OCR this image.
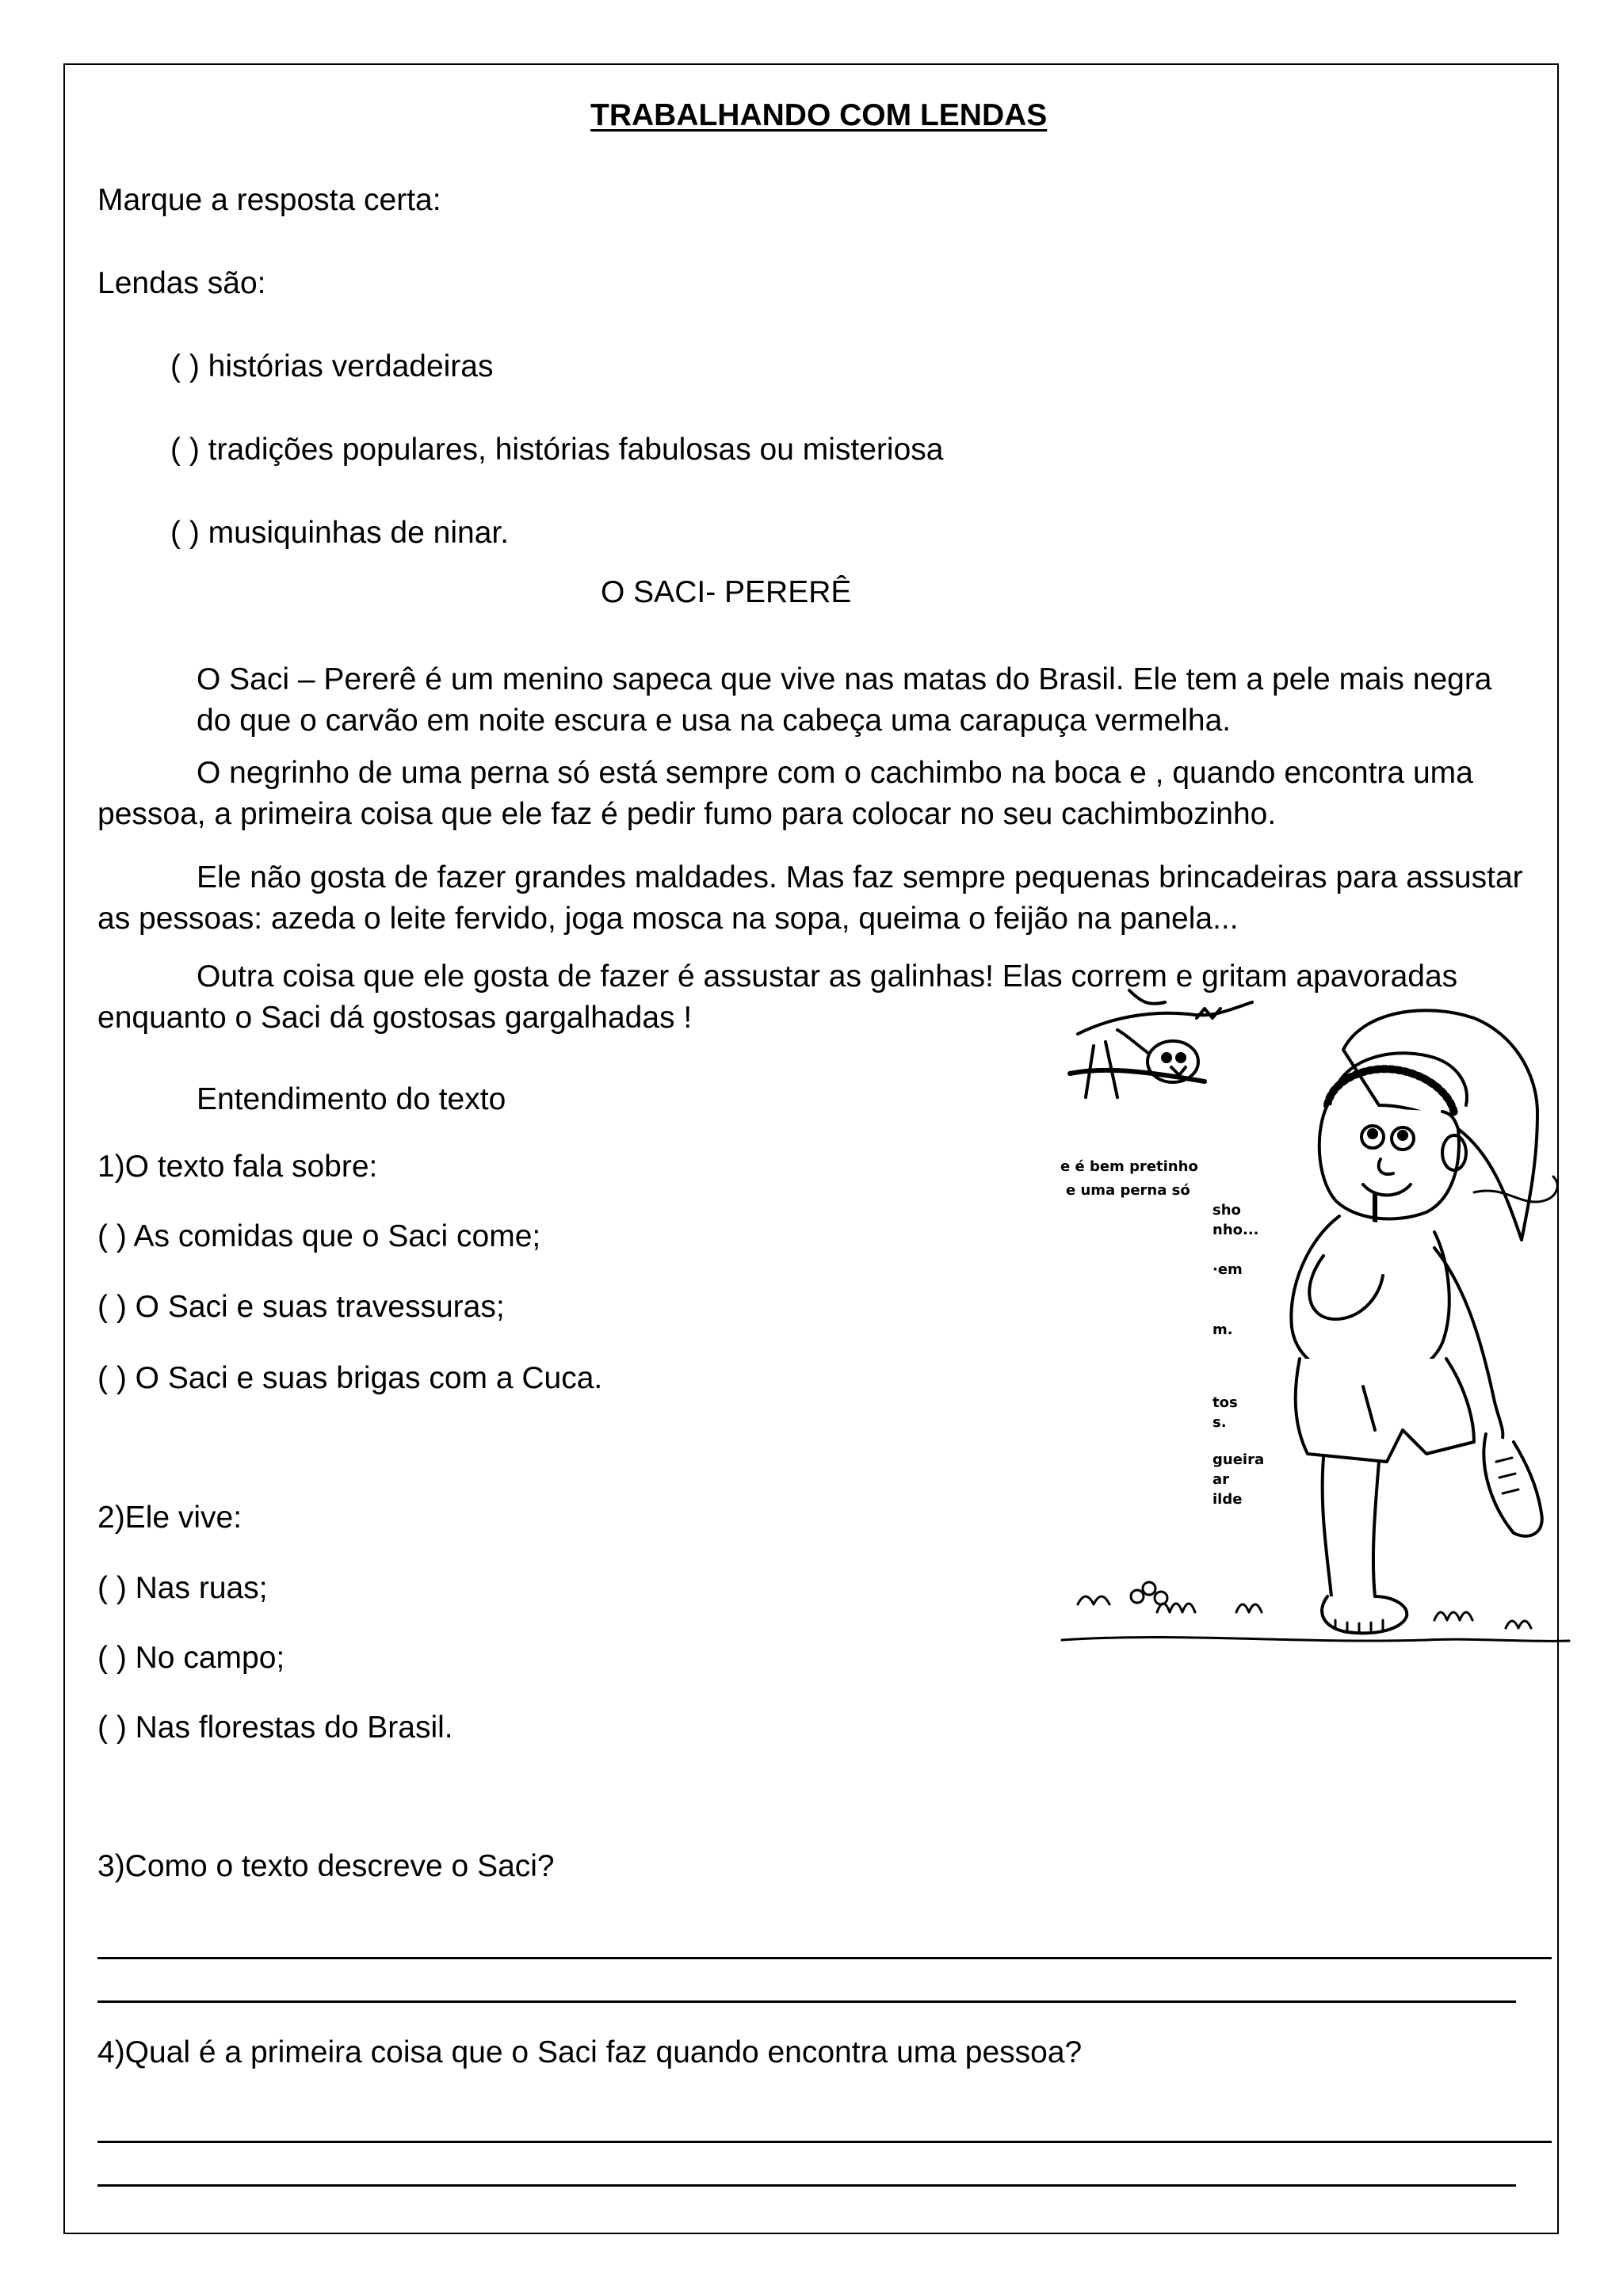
TRABALHANDO COM LENDAS
Marque a resposta certa:
Lendas são:
( ) histórias verdadeiras
( ) tradições populares, histórias fabulosas ou misteriosa
( ) musiquinhas de ninar.
O SACI- PERERÊ
O Saci – Pererê é um menino sapeca que vive nas matas do Brasil. Ele tem a pele mais negra do que o carvão em noite escura e usa na cabeça uma carapuça vermelha.
O negrinho de uma perna só está sempre com o cachimbo na boca e , quando encontra uma pessoa, a primeira coisa que ele faz é pedir fumo para colocar no seu cachimbozinho.
Ele não gosta de fazer grandes maldades. Mas faz sempre pequenas brincadeiras para assustar as pessoas: azeda o leite fervido, joga mosca na sopa, queima o feijão na panela...
Outra coisa que ele gosta de fazer é assustar as galinhas! Elas correm e gritam apavoradas enquanto o Saci dá gostosas gargalhadas !
Entendimento do texto
1)O texto fala sobre:
( ) As comidas que o Saci come;
( ) O Saci e suas travessuras;
( ) O Saci e suas brigas com a Cuca.
2)Ele vive:
( ) Nas ruas;
( ) No campo;
( ) Nas florestas do Brasil.
3)Como o texto descreve o Saci?
4)Qual é a primeira coisa que o Saci faz quando encontra uma pessoa?
e é bem pretinho
e uma perna só
sho
nho...
·em
m.
tos
s.
gueira
ar
ilde
